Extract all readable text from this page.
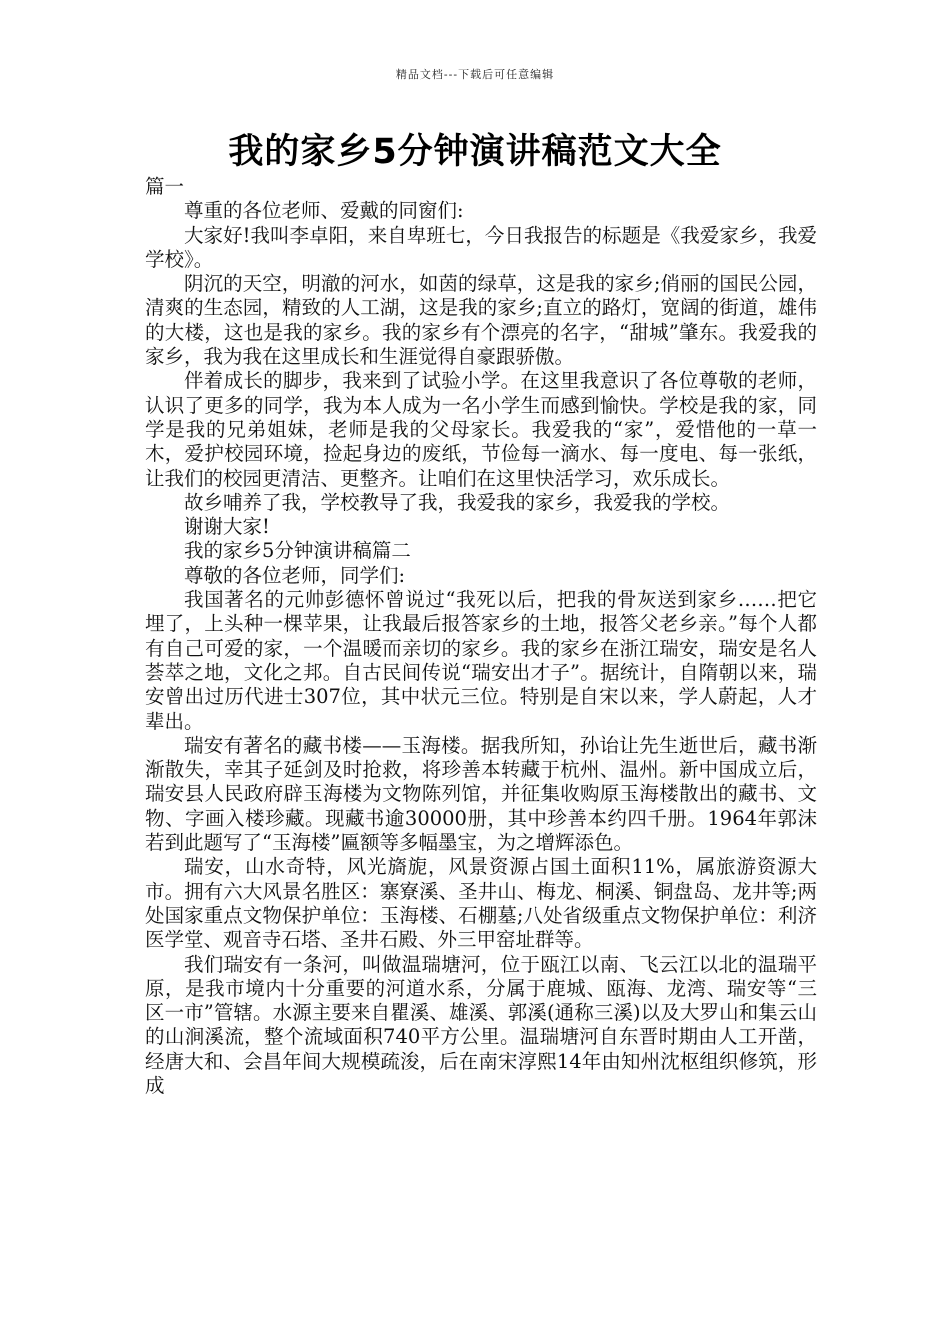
精品文档---下载后可任意编辑
我的家乡5分钟演讲稿范文大全

篇一

尊重的各位老师、爱戴的同窗们:

大家好!我叫李卓阳，来自卑班七，今日我报告的标题是《我爱家乡，我爱学校》。

阴沉的天空，明澈的河水，如茵的绿草，这是我的家乡;俏丽的国民公园，清爽的生态园，精致的人工湖，这是我的家乡;直立的路灯，宽阔的街道，雄伟的大楼，这也是我的家乡。我的家乡有个漂亮的名字，“甜城”肇东。我爱我的家乡，我为我在这里成长和生涯觉得自豪跟骄傲。

伴着成长的脚步，我来到了试验小学。在这里我意识了各位尊敬的老师，认识了更多的同学，我为本人成为一名小学生而感到愉快。学校是我的家，同学是我的兄弟姐妹，老师是我的父母家长。我爱我的“家”，爱惜他的一草一木，爱护校园环境，捡起身边的废纸，节俭每一滴水、每一度电、每一张纸，让我们的校园更清洁、更整齐。让咱们在这里快活学习，欢乐成长。

故乡哺养了我，学校教导了我，我爱我的家乡，我爱我的学校。

谢谢大家!

我的家乡5分钟演讲稿篇二

尊敬的各位老师，同学们:

我国著名的元帅彭德怀曾说过“我死以后，把我的骨灰送到家乡……把它埋了，上头种一棵苹果，让我最后报答家乡的土地，报答父老乡亲。”每个人都有自己可爱的家，一个温暖而亲切的家乡。我的家乡在浙江瑞安，瑞安是名人荟萃之地，文化之邦。自古民间传说“瑞安出才子”。据统计，自隋朝以来，瑞安曾出过历代进士307位，其中状元三位。特别是自宋以来，学人蔚起，人才辈出。

瑞安有著名的藏书楼——玉海楼。据我所知，孙诒让先生逝世后，藏书渐渐散失，幸其子延剑及时抢救，将珍善本转藏于杭州、温州。新中国成立后，瑞安县人民政府辟玉海楼为文物陈列馆，并征集收购原玉海楼散出的藏书、文物、字画入楼珍藏。现藏书逾30000册，其中珍善本约四千册。1964年郭沫若到此题写了“玉海楼”匾额等多幅墨宝，为之增辉添色。

瑞安，山水奇特，风光旖旎，风景资源占国土面积11%，属旅游资源大市。拥有六大风景名胜区：寨寮溪、圣井山、梅龙、桐溪、铜盘岛、龙井等;两处国家重点文物保护单位：玉海楼、石棚墓;八处省级重点文物保护单位：利济医学堂、观音寺石塔、圣井石殿、外三甲窑址群等。

我们瑞安有一条河，叫做温瑞塘河，位于瓯江以南、飞云江以北的温瑞平原，是我市境内十分重要的河道水系，分属于鹿城、瓯海、龙湾、瑞安等“三区一市”管辖。水源主要来自瞿溪、雄溪、郭溪(通称三溪)以及大罗山和集云山的山涧溪流，整个流域面积740平方公里。温瑞塘河自东晋时期由人工开凿，经唐大和、会昌年间大规模疏浚，后在南宋淳熙14年由知州沈枢组织修筑，形成
